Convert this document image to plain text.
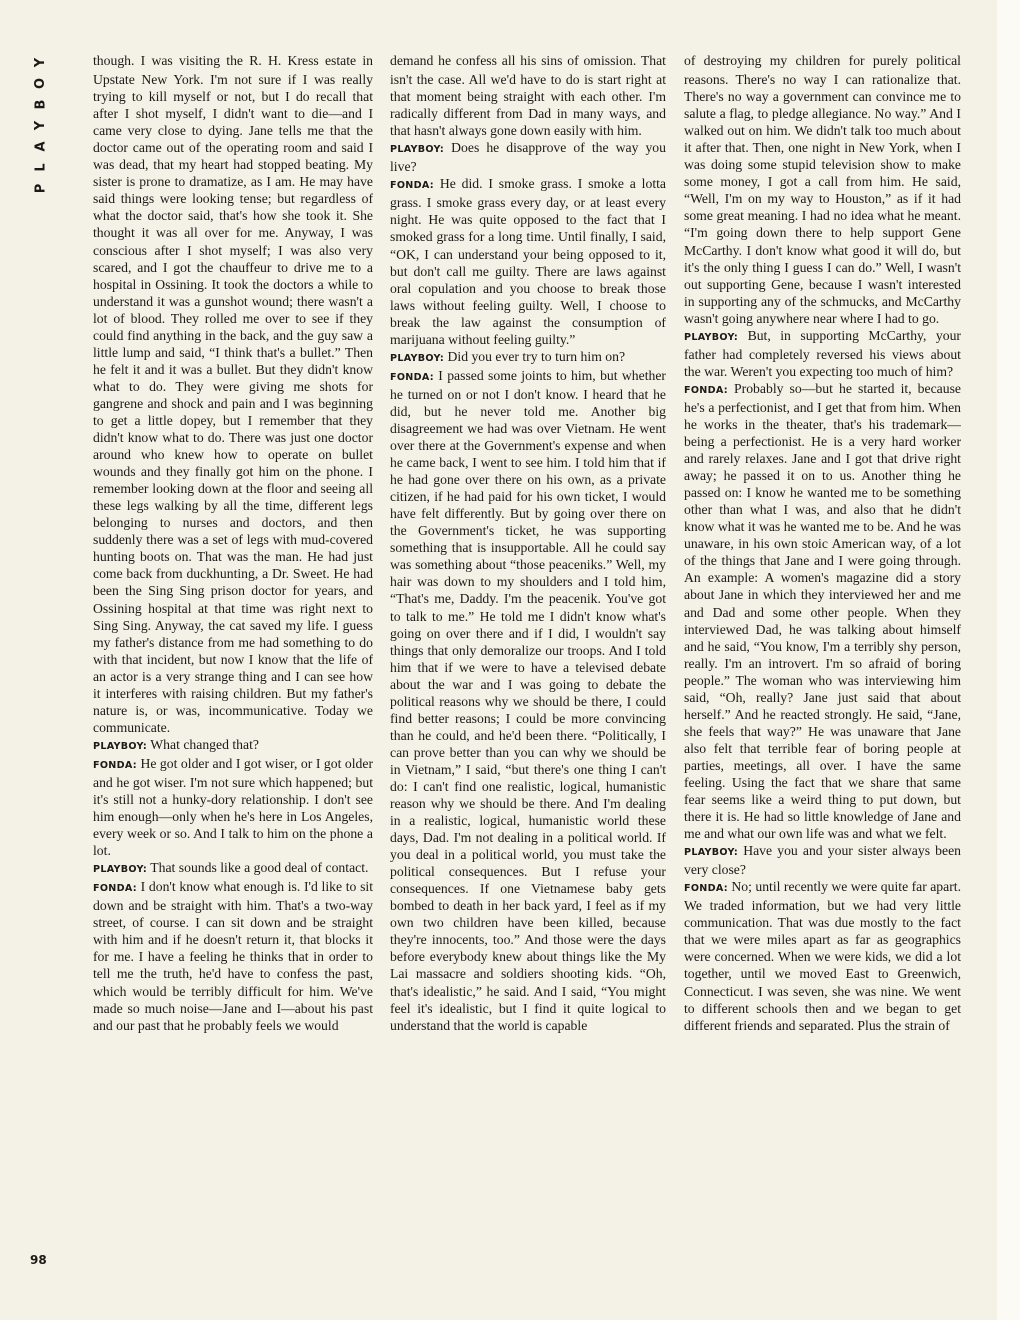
Y
O
B
Y
A
L
P

though. I was visiting the R. H. Kress estate in Upstate New York. I'm not sure if I was really trying to kill myself or not, but I do recall that after I shot myself, I didn't want to die—and I came very close to dying. Jane tells me that the doctor came out of the operating room and said I was dead, that my heart had stopped beating. My sister is prone to dramatize, as I am. He may have said things were looking tense; but regardless of what the doctor said, that's how she took it. She thought it was all over for me. Anyway, I was conscious after I shot myself; I was also very scared, and I got the chauffeur to drive me to a hospital in Ossining. It took the doctors a while to understand it was a gunshot wound; there wasn't a lot of blood. They rolled me over to see if they could find anything in the back, and the guy saw a little lump and said, “I think that's a bullet.” Then he felt it and it was a bullet. But they didn't know what to do. They were giving me shots for gangrene and shock and pain and I was beginning to get a little dopey, but I remember that they didn't know what to do. There was just one doctor around who knew how to operate on bullet wounds and they finally got him on the phone. I remember looking down at the floor and seeing all these legs walking by all the time, different legs belonging to nurses and doctors, and then suddenly there was a set of legs with mud-covered hunting boots on. That was the man. He had just come back from duckhunting, a Dr. Sweet. He had been the Sing Sing prison doctor for years, and Ossining hospital at that time was right next to Sing Sing. Anyway, the cat saved my life. I guess my father's distance from me had something to do with that incident, but now I know that the life of an actor is a very strange thing and I can see how it interferes with raising children. But my father's nature is, or was, incommunicative. Today we communicate.

PLAYBOY: What changed that?

FONDA: He got older and I got wiser, or I got older and he got wiser. I'm not sure which happened; but it's still not a hunky-dory relationship. I don't see him enough—only when he's here in Los Angeles, every week or so. And I talk to him on the phone a lot.

PLAYBOY: That sounds like a good deal of contact.

FONDA: I don't know what enough is. I'd like to sit down and be straight with him. That's a two-way street, of course. I can sit down and be straight with him and if he doesn't return it, that blocks it for me. I have a feeling he thinks that in order to tell me the truth, he'd have to confess the past, which would be terribly difficult for him. We've made so much noise—Jane and I—about his past and our past that he probably feels we would

demand he confess all his sins of omission. That isn't the case. All we'd have to do is start right at that moment being straight with each other. I'm radically different from Dad in many ways, and that hasn't always gone down easily with him.

PLAYBOY: Does he disapprove of the way you live?

FONDA: He did. I smoke grass. I smoke a lotta grass. I smoke grass every day, or at least every night. He was quite opposed to the fact that I smoked grass for a long time. Until finally, I said, “OK, I can understand your being opposed to it, but don't call me guilty. There are laws against oral copulation and you choose to break those laws without feeling guilty. Well, I choose to break the law against the consumption of marijuana without feeling guilty.”

PLAYBOY: Did you ever try to turn him on?

FONDA: I passed some joints to him, but whether he turned on or not I don't know. I heard that he did, but he never told me. Another big disagreement we had was over Vietnam. He went over there at the Government's expense and when he came back, I went to see him. I told him that if he had gone over there on his own, as a private citizen, if he had paid for his own ticket, I would have felt differently. But by going over there on the Government's ticket, he was supporting something that is insupportable. All he could say was something about “those peaceniks.” Well, my hair was down to my shoulders and I told him, “That's me, Daddy. I'm the peacenik. You've got to talk to me.” He told me I didn't know what's going on over there and if I did, I wouldn't say things that only demoralize our troops. And I told him that if we were to have a televised debate about the war and I was going to debate the political reasons why we should be there, I could find better reasons; I could be more convincing than he could, and he'd been there. “Politically, I can prove better than you can why we should be in Vietnam,” I said, “but there's one thing I can't do: I can't find one realistic, logical, humanistic reason why we should be there. And I'm dealing in a realistic, logical, humanistic world these days, Dad. I'm not dealing in a political world. If you deal in a political world, you must take the political consequences. But I refuse your consequences. If one Vietnamese baby gets bombed to death in her back yard, I feel as if my own two children have been killed, because they're innocents, too.” And those were the days before everybody knew about things like the My Lai massacre and soldiers shooting kids. “Oh, that's idealistic,” he said. And I said, “You might feel it's idealistic, but I find it quite logical to understand that the world is capable

of destroying my children for purely political reasons. There's no way I can rationalize that. There's no way a government can convince me to salute a flag, to pledge allegiance. No way.” And I walked out on him. We didn't talk too much about it after that. Then, one night in New York, when I was doing some stupid television show to make some money, I got a call from him. He said, “Well, I'm on my way to Houston,” as if it had some great meaning. I had no idea what he meant. “I'm going down there to help support Gene McCarthy. I don't know what good it will do, but it's the only thing I guess I can do.” Well, I wasn't out supporting Gene, because I wasn't interested in supporting any of the schmucks, and McCarthy wasn't going anywhere near where I had to go.

PLAYBOY: But, in supporting McCarthy, your father had completely reversed his views about the war. Weren't you expecting too much of him?

FONDA: Probably so—but he started it, because he's a perfectionist, and I get that from him. When he works in the theater, that's his trademark—being a perfectionist. He is a very hard worker and rarely relaxes. Jane and I got that drive right away; he passed it on to us. Another thing he passed on: I know he wanted me to be something other than what I was, and also that he didn't know what it was he wanted me to be. And he was unaware, in his own stoic American way, of a lot of the things that Jane and I were going through. An example: A women's magazine did a story about Jane in which they interviewed her and me and Dad and some other people. When they interviewed Dad, he was talking about himself and he said, “You know, I'm a terribly shy person, really. I'm an introvert. I'm so afraid of boring people.” The woman who was interviewing him said, “Oh, really? Jane just said that about herself.” And he reacted strongly. He said, “Jane, she feels that way?” He was unaware that Jane also felt that terrible fear of boring people at parties, meetings, all over. I have the same feeling. Using the fact that we share that same fear seems like a weird thing to put down, but there it is. He had so little knowledge of Jane and me and what our own life was and what we felt.

PLAYBOY: Have you and your sister always been very close?

FONDA: No; until recently we were quite far apart. We traded information, but we had very little communication. That was due mostly to the fact that we were miles apart as far as geographics were concerned. When we were kids, we did a lot together, until we moved East to Greenwich, Connecticut. I was seven, she was nine. We went to different schools then and we began to get different friends and separated. Plus the strain of

98
